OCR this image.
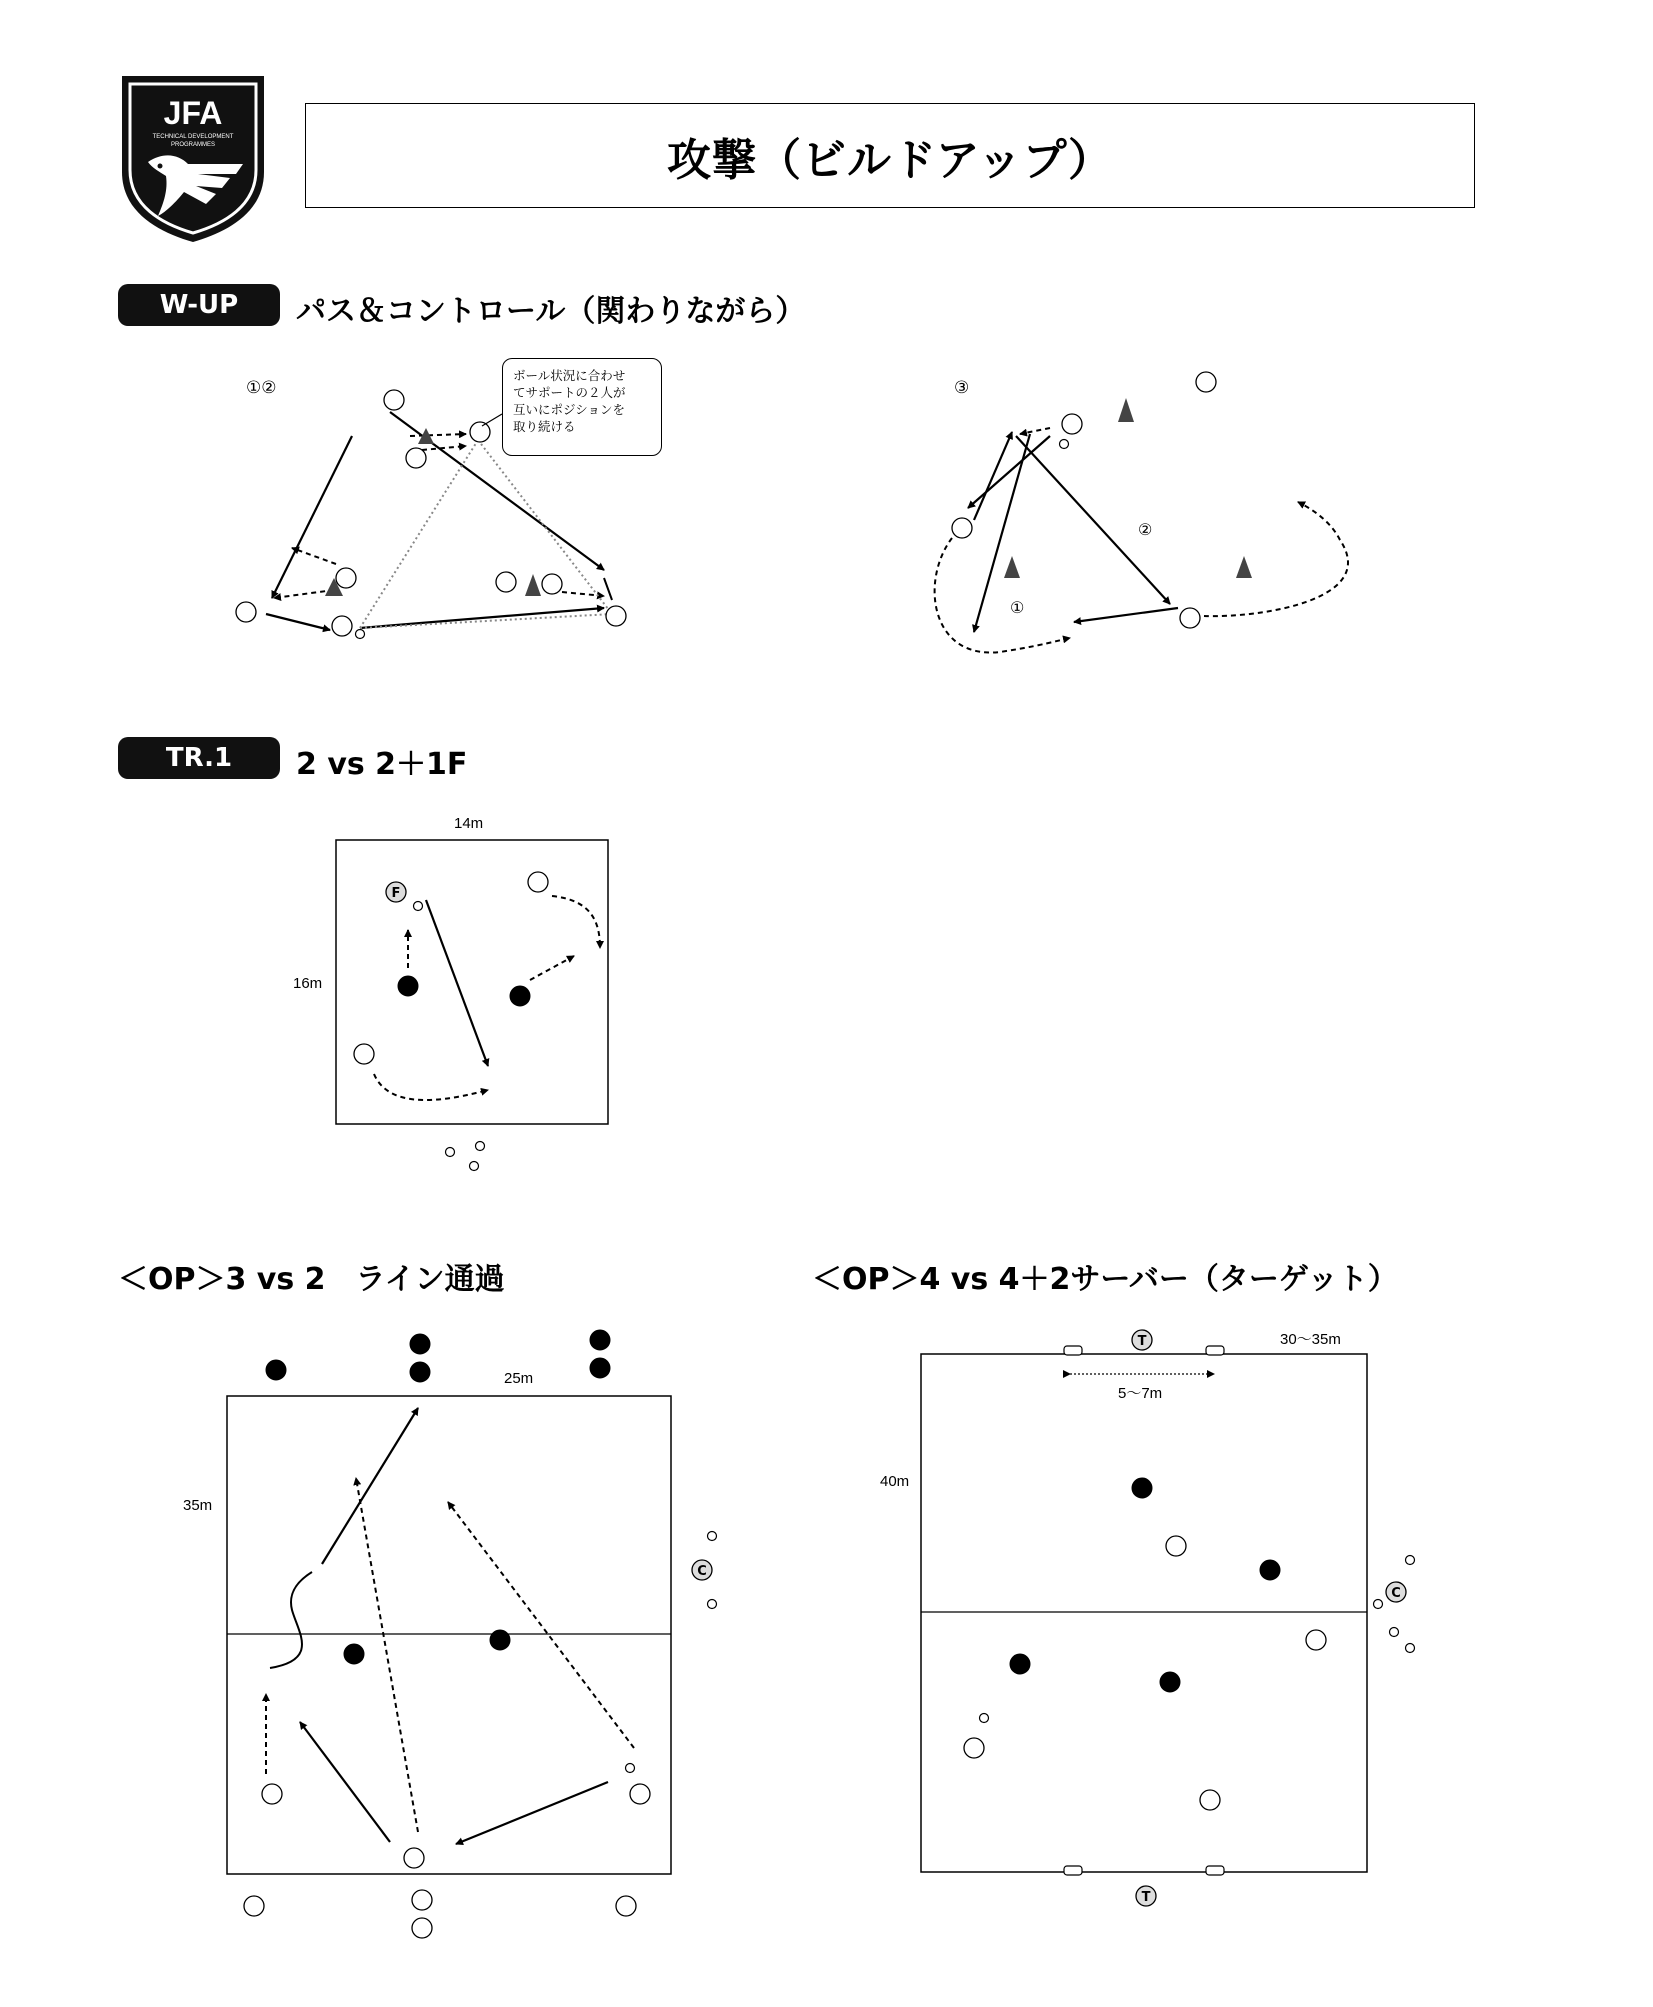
JFA
TECHNICAL DEVELOPMENT
PROGRAMMES	攻撃（ビルドアップ）
W-UP	パス＆コントロール（関わりながら）
①②	③
ボール状況に合わせ
てサポートの２人が
互いにポジションを
取り続ける
②
①
TR.1	2 vs 2＋1F
14m
16m
＜OP＞3 vs 2　ライン通過	＜OP＞4 vs 4＋2サーバー（ターゲット）
25m
35m
30〜35m
40m
5〜7m
F
C
T
T
C
